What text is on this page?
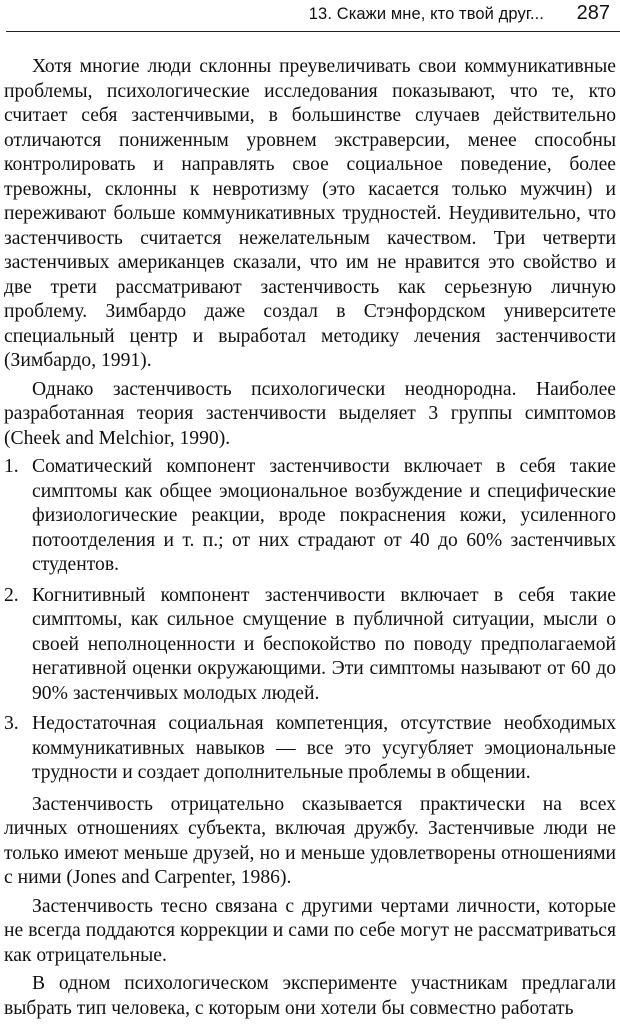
13. Скажи мне, кто твой друг... 287

Хотя многие люди склонны преувеличивать свои коммуникативные проблемы, психологические исследования показывают, что те, кто считает себя застенчивыми, в большинстве случаев действительно отличаются пониженным уровнем экстраверсии, менее способны контролировать и направлять свое социальное поведение, более тревожны, склонны к невротизму (это касается только мужчин) и переживают больше коммуникативных трудностей. Неудивительно, что застенчивость считается нежелательным качеством. Три четверти застенчивых американцев сказали, что им не нравится это свойство и две трети рассматривают застенчивость как серьезную личную проблему. Зимбардо даже создал в Стэнфордском университете специальный центр и выработал методику лечения застенчивости (Зимбардо, 1991).

Однако застенчивость психологически неоднородна. Наиболее разработанная теория застенчивости выделяет 3 группы симптомов (Cheek and Melchior, 1990).

1. Соматический компонент застенчивости включает в себя такие симптомы как общее эмоциональное возбуждение и специфические физиологические реакции, вроде покраснения кожи, усиленного потоотделения и т. п.; от них страдают от 40 до 60% застенчивых студентов.
2. Когнитивный компонент застенчивости включает в себя такие симптомы, как сильное смущение в публичной ситуации, мысли о своей неполноценности и беспокойство по поводу предполагаемой негативной оценки окружающими. Эти симптомы называют от 60 до 90% застенчивых молодых людей.
3. Недостаточная социальная компетенция, отсутствие необходимых коммуникативных навыков — все это усугубляет эмоциональные трудности и создает дополнительные проблемы в общении.

Застенчивость отрицательно сказывается практически на всех личных отношениях субъекта, включая дружбу. Застенчивые люди не только имеют меньше друзей, но и меньше удовлетворены отношениями с ними (Jones and Carpenter, 1986).

Застенчивость тесно связана с другими чертами личности, которые не всегда поддаются коррекции и сами по себе могут не рассматриваться как отрицательные.

В одном психологическом эксперименте участникам предлагали выбрать тип человека, с которым они хотели бы совместно работать
